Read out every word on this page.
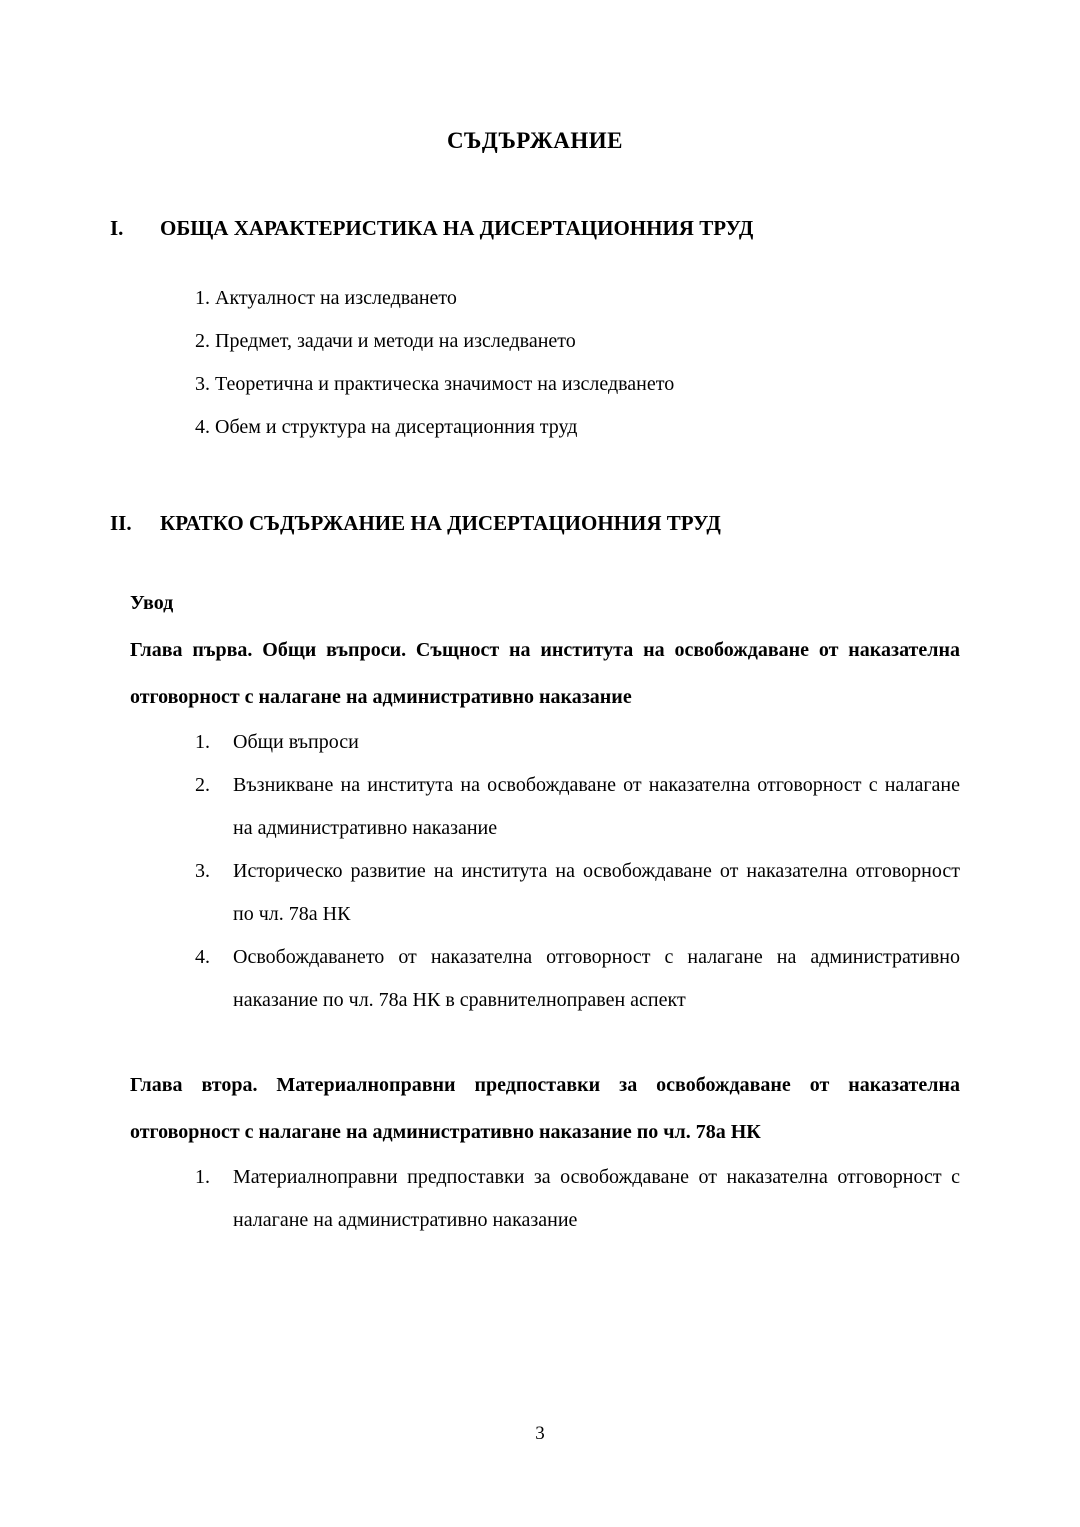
СЪДЪРЖАНИЕ
I.	ОБЩА ХАРАКТЕРИСТИКА НА ДИСЕРТАЦИОННИЯ ТРУД
1. Актуалност на изследването
2. Предмет, задачи и методи на изследването
3. Теоретична и практическа значимост на изследването
4. Обем и структура на дисертационния труд
II.	КРАТКО СЪДЪРЖАНИЕ НА ДИСЕРТАЦИОННИЯ ТРУД
Увод
Глава първа. Общи въпроси. Същност на института на освобождаване от наказателна отговорност с налагане на административно наказание
1. Общи въпроси
2. Възникване на института на освобождаване от наказателна отговорност с налагане на административно наказание
3. Историческо развитие на института на освобождаване от наказателна отговорност по чл. 78а НК
4. Освобождаването от наказателна отговорност с налагане на административно наказание по чл. 78а НК в сравнителноправен аспект
Глава втора. Материалноправни предпоставки за освобождаване от наказателна отговорност с налагане на административно наказание по чл. 78а НК
1. Материалноправни предпоставки за освобождаване от наказателна отговорност с налагане на административно наказание
3
